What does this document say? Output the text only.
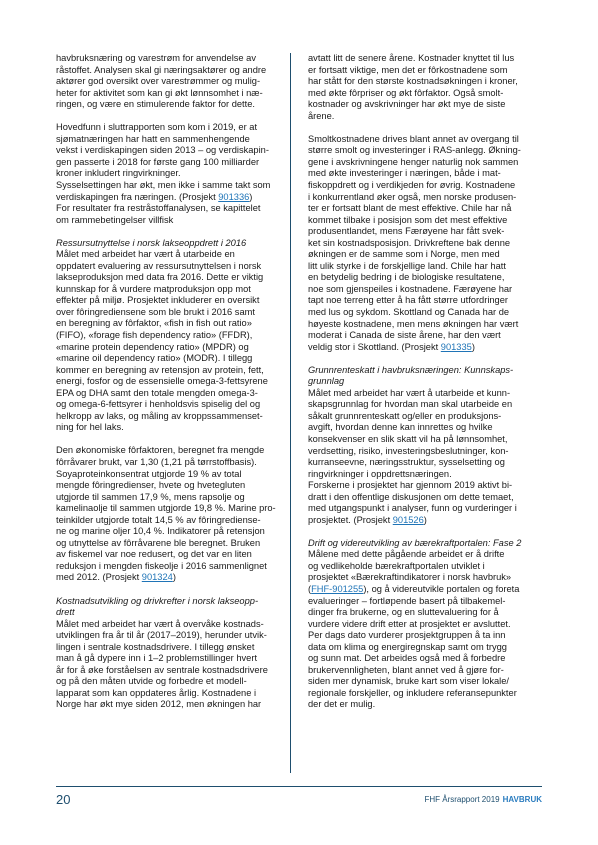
havbruksnæring og varestrøm for anvendelse av
råstoffet. Analysen skal gi næringsaktører og andre
aktører god oversikt over varestrømmer og mulig-
heter for aktivitet som kan gi økt lønnsomhet i næ-
ringen, og være en stimulerende faktor for dette.

Hovedfunn i sluttrapporten som kom i 2019, er at
sjømatnæringen har hatt en sammenhengende
vekst i verdiskapingen siden 2013 – og verdiskapin-
gen passerte i 2018 for første gang 100 milliarder
kroner inkludert ringvirkninger.
Sysselsettingen har økt, men ikke i samme takt som
verdiskapingen fra næringen. (Prosjekt 901336)
For resultater fra restråstoffanalysen, se kapittelet
om rammebetingelser villfisk

Ressursutnyttelse i norsk lakseoppdrett i 2016
Målet med arbeidet har vært å utarbeide en
oppdatert evaluering av ressursutnyttelsen i norsk
lakseproduksjon med data fra 2016. Dette er viktig
kunnskap for å vurdere matproduksjon opp mot
effekter på miljø. Prosjektet inkluderer en oversikt
over fôringrediensene som ble brukt i 2016 samt
en beregning av fôrfaktor, «fish in fish out ratio»
(FIFO), «forage fish dependency ratio» (FFDR),
«marine protein dependency ratio» (MPDR) og
«marine oil dependency ratio» (MODR). I tillegg
kommer en beregning av retensjon av protein, fett,
energi, fosfor og de essensielle omega-3-fettsyrene
EPA og DHA samt den totale mengden omega-3-
og omega-6-fettsyrer i henholdsvis spiselig del og
helkropp av laks, og måling av kroppssammenset-
ning for hel laks.

Den økonomiske fôrfaktoren, beregnet fra mengde
fôrråvarer brukt, var 1,30 (1,21 på tørrstoffbasis).
Soyaproteinkonsentrat utgjorde 19 % av total
mengde fôringredienser, hvete og hvetegluten
utgjorde til sammen 17,9 %, mens rapsolje og
kamelinaolje til sammen utgjorde 19,8 %. Marine pro-
teinkilder utgjorde totalt 14,5 % av fôringrediense-
ne og marine oljer 10,4 %. Indikatorer på retensjon
og utnyttelse av fôrråvarene ble beregnet. Bruken
av fiskemel var noe redusert, og det var en liten
reduksjon i mengden fiskeolje i 2016 sammenlignet
med 2012. (Prosjekt 901324)

Kostnadsutvikling og drivkrefter i norsk lakseopp-
drett
Målet med arbeidet har vært å overvåke kostnads-
utviklingen fra år til år (2017–2019), herunder utvik-
lingen i sentrale kostnadsdrivere. I tillegg ønsket
man å gå dypere inn i 1–2 problemstillinger hvert
år for å øke forståelsen av sentrale kostnadsdrivere
og på den måten utvide og forbedre et modell-
lapparat som kan oppdateres årlig. Kostnadene i
Norge har økt mye siden 2012, men økningen har

avtatt litt de senere årene. Kostnader knyttet til lus
er fortsatt viktige, men det er fôrkostnadene som
har stått for den største kostnadsøkningen i kroner,
med økte fôrpriser og økt fôrfaktor. Også smolt-
kostnader og avskrivninger har økt mye de siste
årene.

Smoltkostnadene drives blant annet av overgang til
større smolt og investeringer i RAS-anlegg. Økning-
gene i avskrivningene henger naturlig nok sammen
med økte investeringer i næringen, både i mat-
fiskoppdrett og i verdikjeden for øvrig. Kostnadene
i konkurrentland øker også, men norske produsen-
ter er fortsatt blant de mest effektive. Chile har nå
kommet tilbake i posisjon som det mest effektive
produsentlandet, mens Færøyene har fått svek-
ket sin kostnadsposisjon. Drivkreftene bak denne
økningen er de samme som i Norge, men med
litt ulik styrke i de forskjellige land. Chile har hatt
en betydelig bedring i de biologiske resultatene,
noe som gjenspeiles i kostnadene. Færøyene har
tapt noe terreng etter å ha fått større utfordringer
med lus og sykdom. Skottland og Canada har de
høyeste kostnadene, men mens økningen har vært
moderat i Canada de siste årene, har den vært
veldig stor i Skottland. (Prosjekt 901335)

Grunnrenteskatt i havbruksnæringen: Kunnskaps-
grunnlag
Målet med arbeidet har vært å utarbeide et kunn-
skapsgrunnlag for hvordan man skal utarbeide en
såkalt grunnrenteskatt og/eller en produksjons-
avgift, hvordan denne kan innrettes og hvilke
konsekvenser en slik skatt vil ha på lønnsomhet,
verdsetting, risiko, investeringsbeslutninger, kon-
kurranseevne, næringsstruktur, sysselsetting og
ringvirkninger i oppdrettsnæringen.
Forskerne i prosjektet har gjennom 2019 aktivt bi-
dratt i den offentlige diskusjonen om dette temaet,
med utgangspunkt i analyser, funn og vurderinger i
prosjektet. (Prosjekt 901526)

Drift og videreutvikling av bærekraftportalen: Fase 2
Målene med dette pågående arbeidet er å drifte
og vedlikeholde bærekraftportalen utviklet i
prosjektet «Bærekraftindikatorer i norsk havbruk»
(FHF-901255), og å videreutvikle portalen og foreta
evalueringer – fortløpende basert på tilbakemel-
dinger fra brukerne, og en sluttevaluering for å
vurdere videre drift etter at prosjektet er avsluttet.
Per dags dato vurderer prosjektgruppen å ta inn
data om klima og energiregnskap samt om trygg
og sunn mat. Det arbeides også med å forbedre
brukervennligheten, blant annet ved å gjøre for-
siden mer dynamisk, bruke kart som viser lokale/
regionale forskjeller, og inkludere referansepunkter
der det er mulig.

20	FHF Årsrapport 2019 HAVBRUK
